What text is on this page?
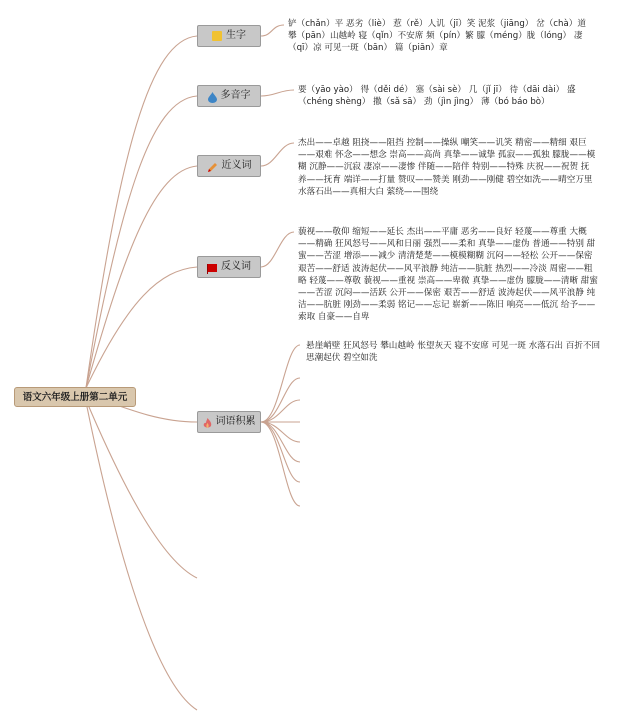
语文六年级上册第二单元
生字
铲（chǎn）平 恶劣（liè） 惹（rě）人讥（jī）笑 泥浆（jiāng） 岔（chà）道 攀（pān）山越岭 寝（qǐn）不安席 频（pín）繁 朦（méng）胧（lóng） 凄（qī）凉 可见一斑（bān） 篇（piān）章
多音字	要（yāo yào） 得（děi dé） 塞（sài sè） 几（jǐ jī） 待（dāi dài） 盛（chéng shèng） 撒（sǎ sā） 劲（jìn jìng） 薄（bó báo bò）
近义词
杰出——卓越 阻挠——阻挡 控制——操纵 嘲笑——讥笑 精密——精细 艰巨——艰难 怀念——想念 崇高——高尚 真挚——诚挚 孤寂——孤独 朦胧——模糊 沉静——沉寂 凄凉——凄惨 伴随——陪伴 特别——特殊 庆祝——祝贺 抚养——抚育 端详——打量 赞叹——赞美 刚劲——刚健 碧空如洗——晴空万里 水落石出——真相大白 萦绕——围绕
反义词
藐视——敬仰 缩短——延长 杰出——平庸 恶劣——良好 轻蔑——尊重 大概——精确 狂风怒号——风和日丽 强烈——柔和 真挚——虚伪 普通——特别 甜蜜——苦涩 增添——减少 清清楚楚——模模糊糊 沉闷——轻松 公开——保密 艰苦——舒适 波涛起伏——风平浪静 纯洁——肮脏 热烈——冷淡 周密——粗略 轻蔑——尊敬 藐视——重视 崇高——卑微 真挚——虚伪 朦胧——清晰 甜蜜——苦涩 沉闷——活跃 公开——保密 艰苦——舒适 波涛起伏——风平浪静 纯洁——肮脏 刚劲——柔弱 铭记——忘记 崭新——陈旧 响亮——低沉 给予——索取 自豪——自卑
词语积累
悬崖峭壁 狂风怒号 攀山越岭 怅望灰天 寝不安席 可见一斑 水落石出 百折不回 思潮起伏 碧空如洗
